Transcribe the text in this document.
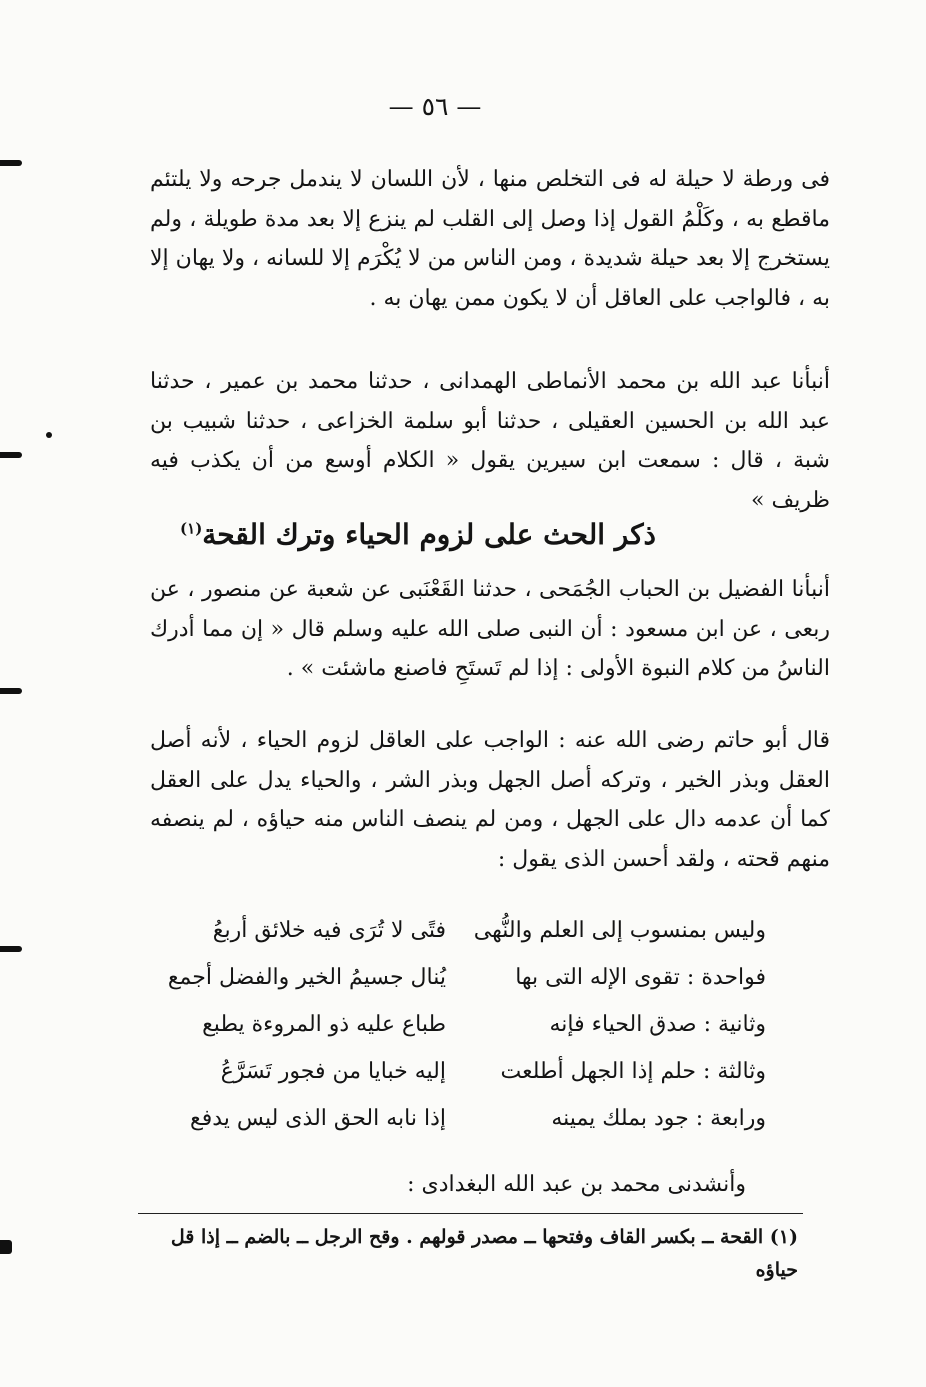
— ٥٦ —

فى ورطة لا حيلة له فى التخلص منها ، لأن اللسان لا يندمل جرحه ولا يلتئم ماقطع به ، وكَلْمُ القول إذا وصل إلى القلب لم ينزع إلا بعد مدة طويلة ، ولم يستخرج إلا بعد حيلة شديدة ، ومن الناس من لا يُكْرَم إلا للسانه ، ولا يهان إلا به ، فالواجب على العاقل أن لا يكون ممن يهان به .

أنبأنا عبد الله بن محمد الأنماطى الهمدانى ، حدثنا محمد بن عمير ، حدثنا عبد الله بن الحسين العقيلى ، حدثنا أبو سلمة الخزاعى ، حدثنا شبيب بن شبة ، قال : سمعت ابن سيرين يقول « الكلام أوسع من أن يكذب فيه ظريف »

ذكر الحث على لزوم الحياء وترك القحة$^{(١)}$

أنبأنا الفضيل بن الحباب الجُمَحى ، حدثنا القَعْنَبى عن شعبة عن منصور ، عن ربعى ، عن ابن مسعود : أن النبى صلى الله عليه وسلم قال « إن مما أدرك الناسُ من كلام النبوة الأولى : إذا لم تَستَحِ فاصنع ماشئت » .

قال أبو حاتم رضى الله عنه : الواجب على العاقل لزوم الحياء ، لأنه أصل العقل وبذر الخير ، وتركه أصل الجهل وبذر الشر ، والحياء يدل على العقل كما أن عدمه دال على الجهل ، ومن لم ينصف الناس منه حياؤه ، لم ينصفه منهم قحته ، ولقد أحسن الذى يقول :

وليس بمنسوب إلى العلم والنُّهى
فتًى لا تُرَى فيه خلائق أربعُ
فواحدة : تقوى الإله التى بها
يُنال جسيمُ الخير والفضل أجمع
وثانية : صدق الحياء فإنه
طباع عليه ذو المروءة يطبع
وثالثة : حلم إذا الجهل أطلعت
إليه خبايا من فجور تَسَرَّعُ
ورابعة : جود بملك يمينه
إذا نابه الحق الذى ليس يدفع
وأنشدنى محمد بن عبد الله البغدادى :
(١) القحة ــ بكسر القاف وفتحها ــ مصدر قولهم . وقح الرجل ــ بالضم ــ إذا قل حياؤه
